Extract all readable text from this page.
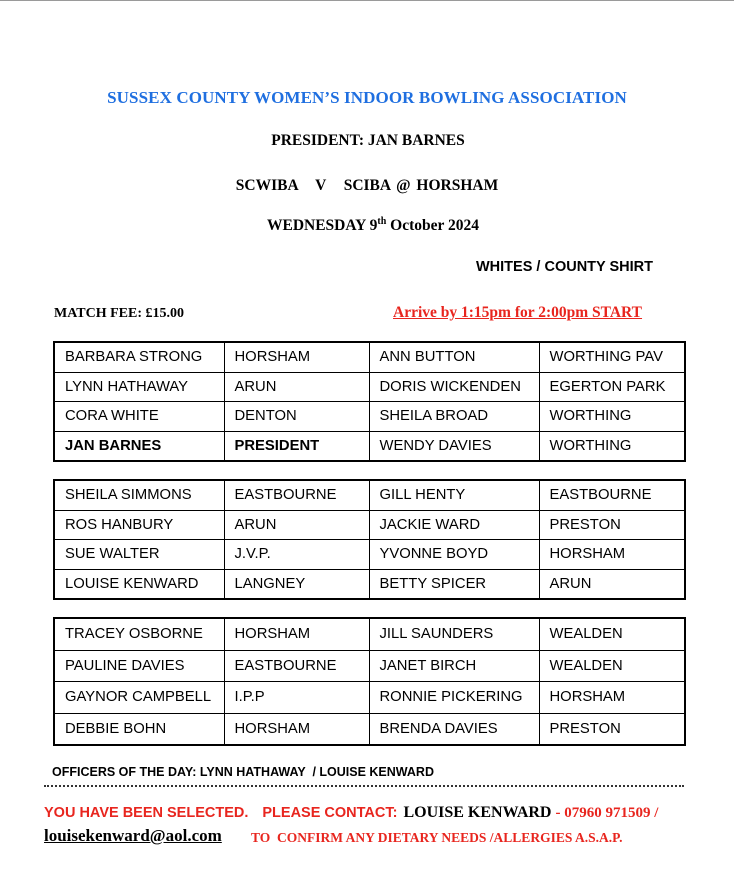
SUSSEX COUNTY WOMEN’S INDOOR BOWLING ASSOCIATION
PRESIDENT: JAN BARNES
SCWIBA   V   SCIBA @ HORSHAM
WEDNESDAY 9th October 2024
WHITES / COUNTY SHIRT
MATCH FEE: £15.00	Arrive by 1:15pm for 2:00pm START
BARBARA STRONG	HORSHAM	ANN BUTTON	WORTHING PAV
LYNN HATHAWAY	ARUN	DORIS WICKENDEN	EGERTON PARK
CORA WHITE	DENTON	SHEILA BROAD	WORTHING
JAN BARNES	PRESIDENT	WENDY DAVIES	WORTHING
SHEILA SIMMONS	EASTBOURNE	GILL HENTY	EASTBOURNE
ROS HANBURY	ARUN	JACKIE WARD	PRESTON
SUE WALTER	J.V.P.	YVONNE BOYD	HORSHAM
LOUISE KENWARD	LANGNEY	BETTY SPICER	ARUN
TRACEY OSBORNE	HORSHAM	JILL SAUNDERS	WEALDEN
PAULINE DAVIES	EASTBOURNE	JANET BIRCH	WEALDEN
GAYNOR CAMPBELL	I.P.P	RONNIE PICKERING	HORSHAM
DEBBIE BOHN	HORSHAM	BRENDA DAVIES	PRESTON
OFFICERS OF THE DAY: LYNN HATHAWAY  / LOUISE KENWARD
YOU HAVE BEEN SELECTED. PLEASE CONTACT: LOUISE KENWARD - 07960 971509 /
louisekenward@aol.com TO  CONFIRM ANY DIETARY NEEDS /ALLERGIES A.S.A.P.
